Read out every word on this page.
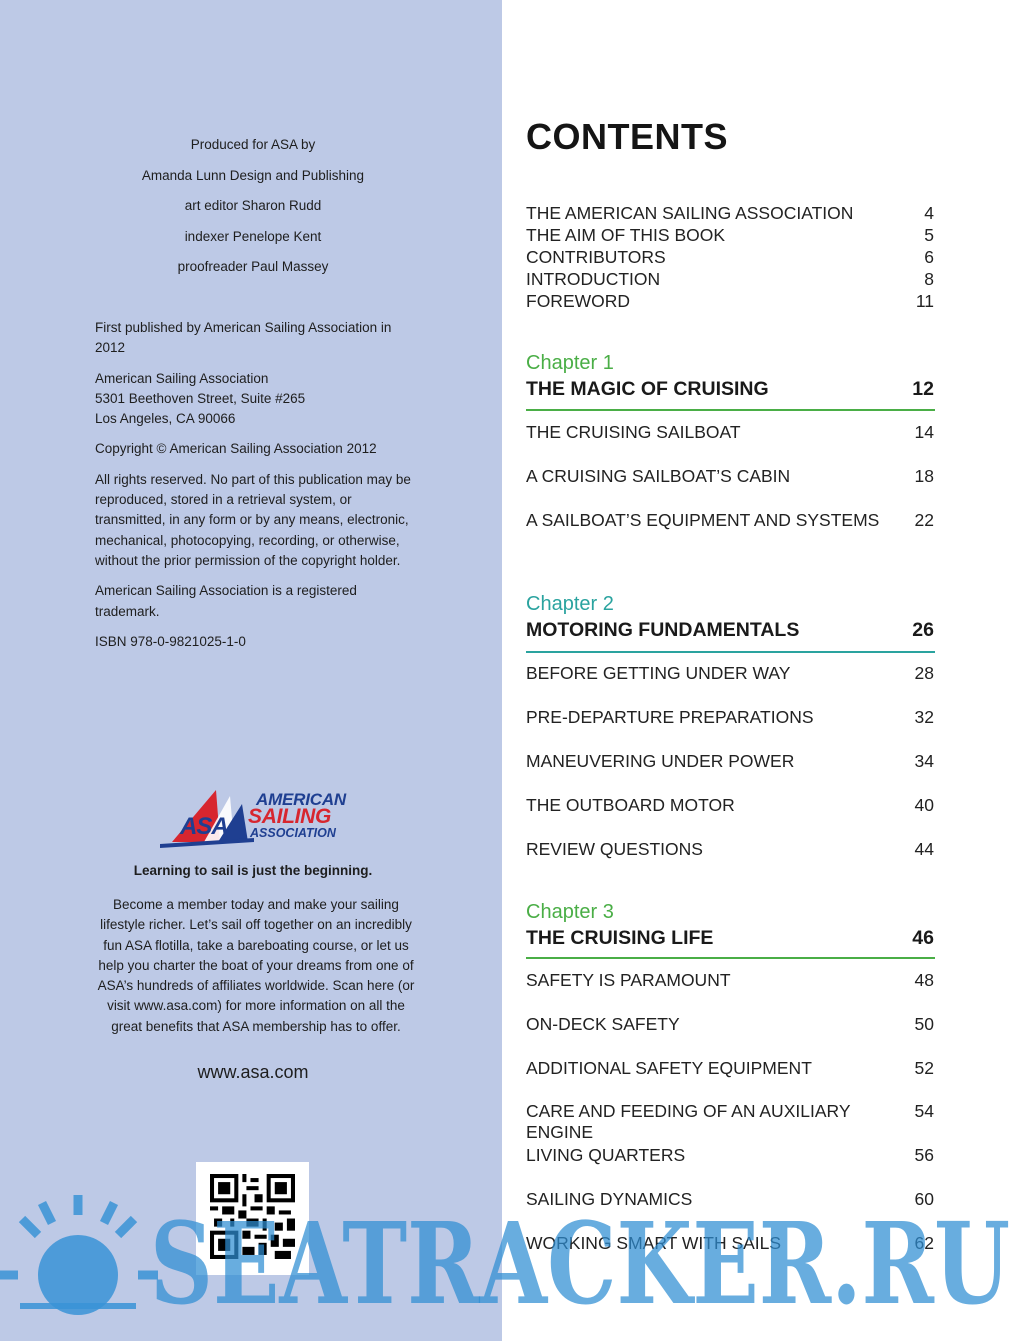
Produced for ASA by
Amanda Lunn Design and Publishing
art editor Sharon Rudd
indexer Penelope Kent
proofreader Paul Massey

First published by American Sailing Association in 2012

American Sailing Association
5301 Beethoven Street, Suite #265
Los Angeles, CA 90066

Copyright © American Sailing Association 2012

All rights reserved. No part of this publication may be reproduced, stored in a retrieval system, or transmitted, in any form or by any means, electronic, mechanical, photocopying, recording, or otherwise, without the prior permission of the copyright holder.

American Sailing Association is a registered trademark.

ISBN 978-0-9821025-1-0

ASA
AMERICAN
SAILING
ASSOCIATION
Learning to sail is just the beginning.
Become a member today and make your sailing lifestyle richer. Let’s sail off together on an incredibly fun ASA flotilla, take a bareboating course, or let us help you charter the boat of your dreams from one of ASA’s hundreds of affiliates worldwide. Scan here (or visit www.asa.com) for more information on all the great benefits that ASA membership has to offer.
www.asa.com
CONTENTS
THE AMERICAN SAILING ASSOCIATION	4
THE AIM OF THIS BOOK	5
CONTRIBUTORS	6
INTRODUCTION	8
FOREWORD	11
Chapter 1
THE MAGIC OF CRUISING	12
THE CRUISING SAILBOAT	14
A CRUISING SAILBOAT’S CABIN	18
A SAILBOAT’S EQUIPMENT AND SYSTEMS 22
Chapter 2
MOTORING FUNDAMENTALS	26
BEFORE GETTING UNDER WAY	28
PRE-DEPARTURE PREPARATIONS	32
MANEUVERING UNDER POWER	34
THE OUTBOARD MOTOR	40
REVIEW QUESTIONS	44
Chapter 3
THE CRUISING LIFE	46
SAFETY IS PARAMOUNT	48
ON-DECK SAFETY	50
ADDITIONAL SAFETY EQUIPMENT	52
CARE AND FEEDING OF AN AUXILIARY ENGINE
54
LIVING QUARTERS	56
SAILING DYNAMICS	60
WORKING SMART WITH SAILS	62
SEATRACKER.RU
